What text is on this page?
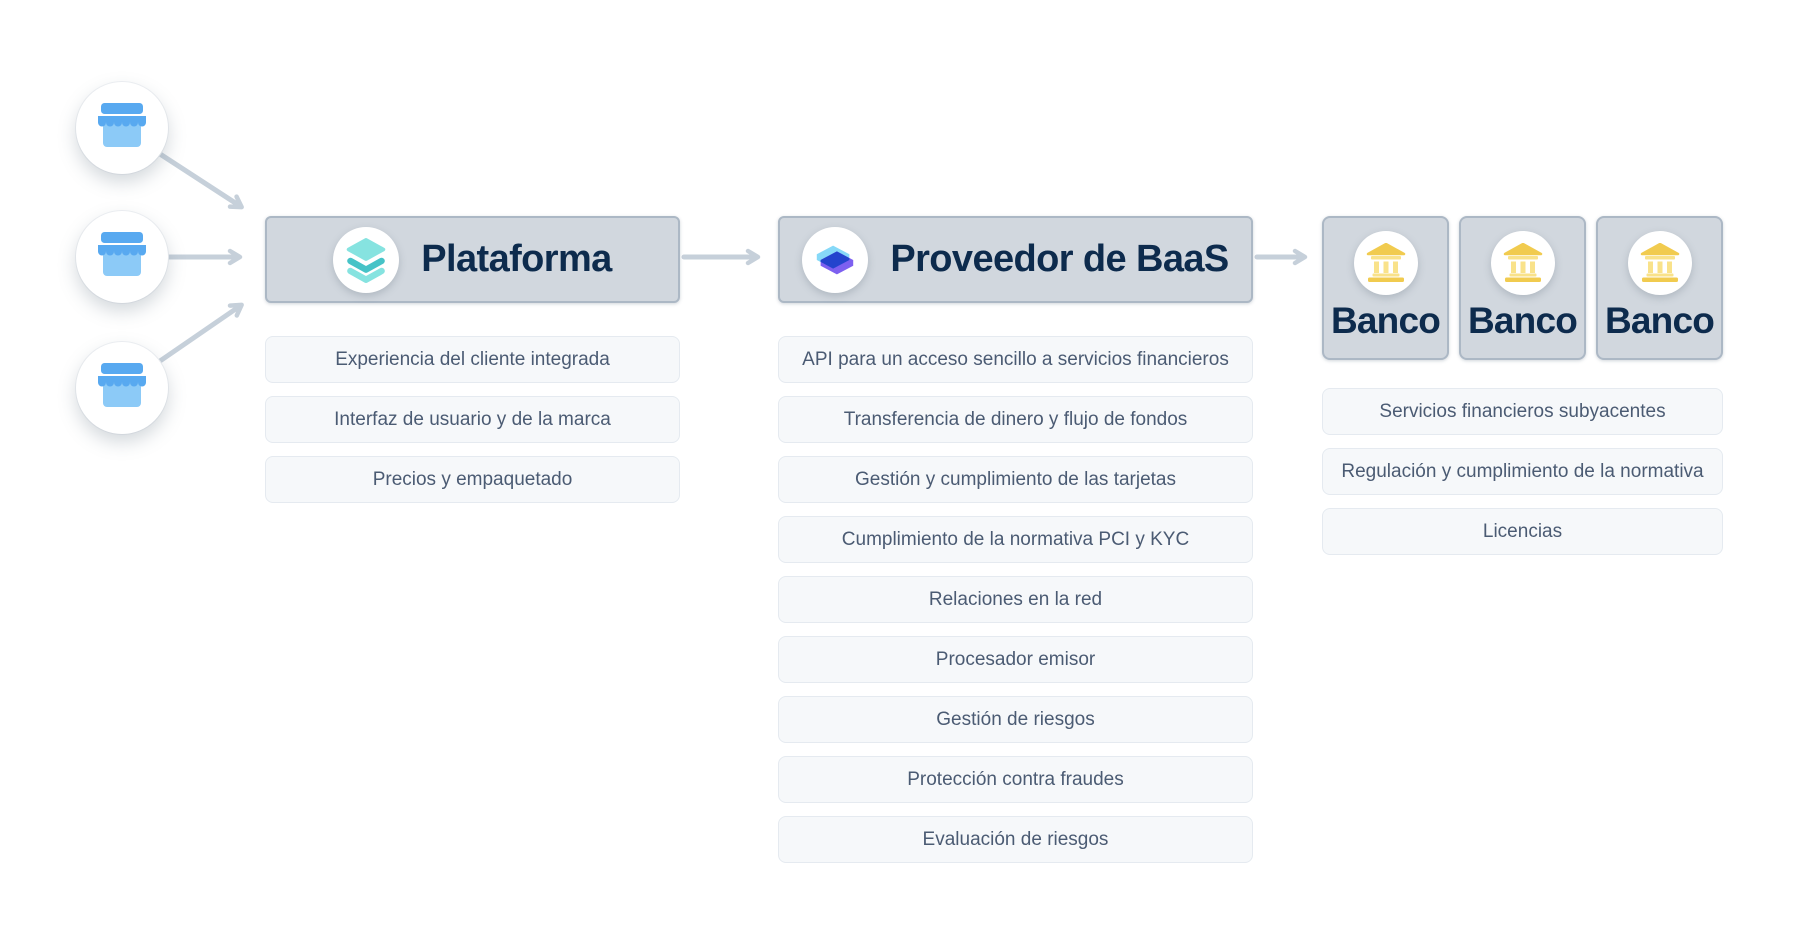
Plataforma
Experiencia del cliente integrada
Interfaz de usuario y de la marca
Precios y empaquetado
Proveedor de BaaS
API para un acceso sencillo a servicios financieros
Transferencia de dinero y flujo de fondos
Gestión y cumplimiento de las tarjetas
Cumplimiento de la normativa PCI y KYC
Relaciones en la red
Procesador emisor
Gestión de riesgos
Protección contra fraudes
Evaluación de riesgos
Banco Banco Banco
Servicios financieros subyacentes
Regulación y cumplimiento de la normativa
Licencias
